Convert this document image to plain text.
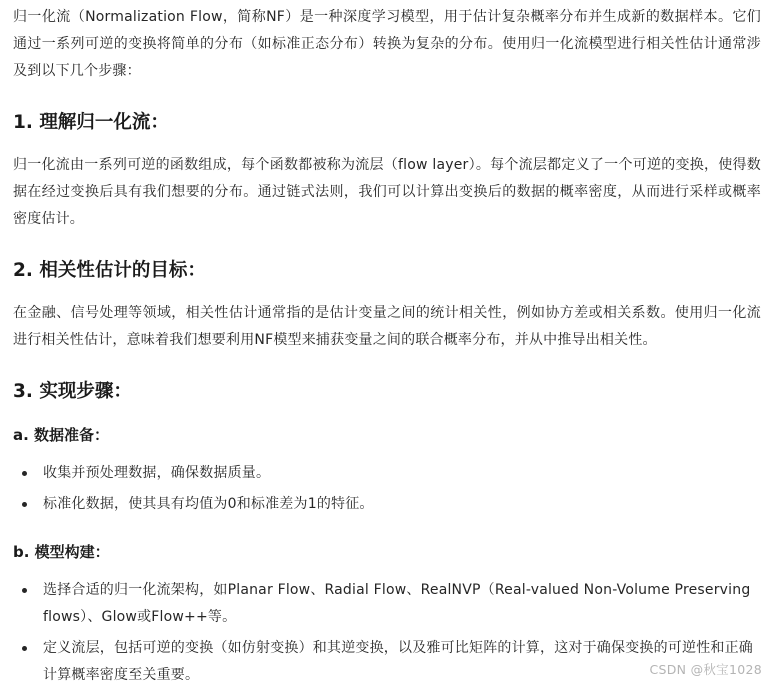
归一化流（Normalization Flow，简称NF）是一种深度学习模型，用于估计复杂概率分布并生成新的数据样本。它们通过一系列可逆的变换将简单的分布（如标准正态分布）转换为复杂的分布。使用归一化流模型进行相关性估计通常涉及到以下几个步骤：

1. 理解归一化流：

归一化流由一系列可逆的函数组成，每个函数都被称为流层（flow layer）。每个流层都定义了一个可逆的变换，使得数据在经过变换后具有我们想要的分布。通过链式法则，我们可以计算出变换后的数据的概率密度，从而进行采样或概率密度估计。

2. 相关性估计的目标：

在金融、信号处理等领域，相关性估计通常指的是估计变量之间的统计相关性，例如协方差或相关系数。使用归一化流进行相关性估计，意味着我们想要利用NF模型来捕获变量之间的联合概率分布，并从中推导出相关性。

3. 实现步骤：
a. 数据准备：
收集并预处理数据，确保数据质量。
标准化数据，使其具有均值为0和标准差为1的特征。
b. 模型构建：
选择合适的归一化流架构，如Planar Flow、Radial Flow、RealNVP（Real-valued Non-Volume Preserving flows）、Glow或Flow++等。
定义流层，包括可逆的变换（如仿射变换）和其逆变换，以及雅可比矩阵的计算，这对于确保变换的可逆性和正确计算概率密度至关重要。	CSDN @秋宝1028
